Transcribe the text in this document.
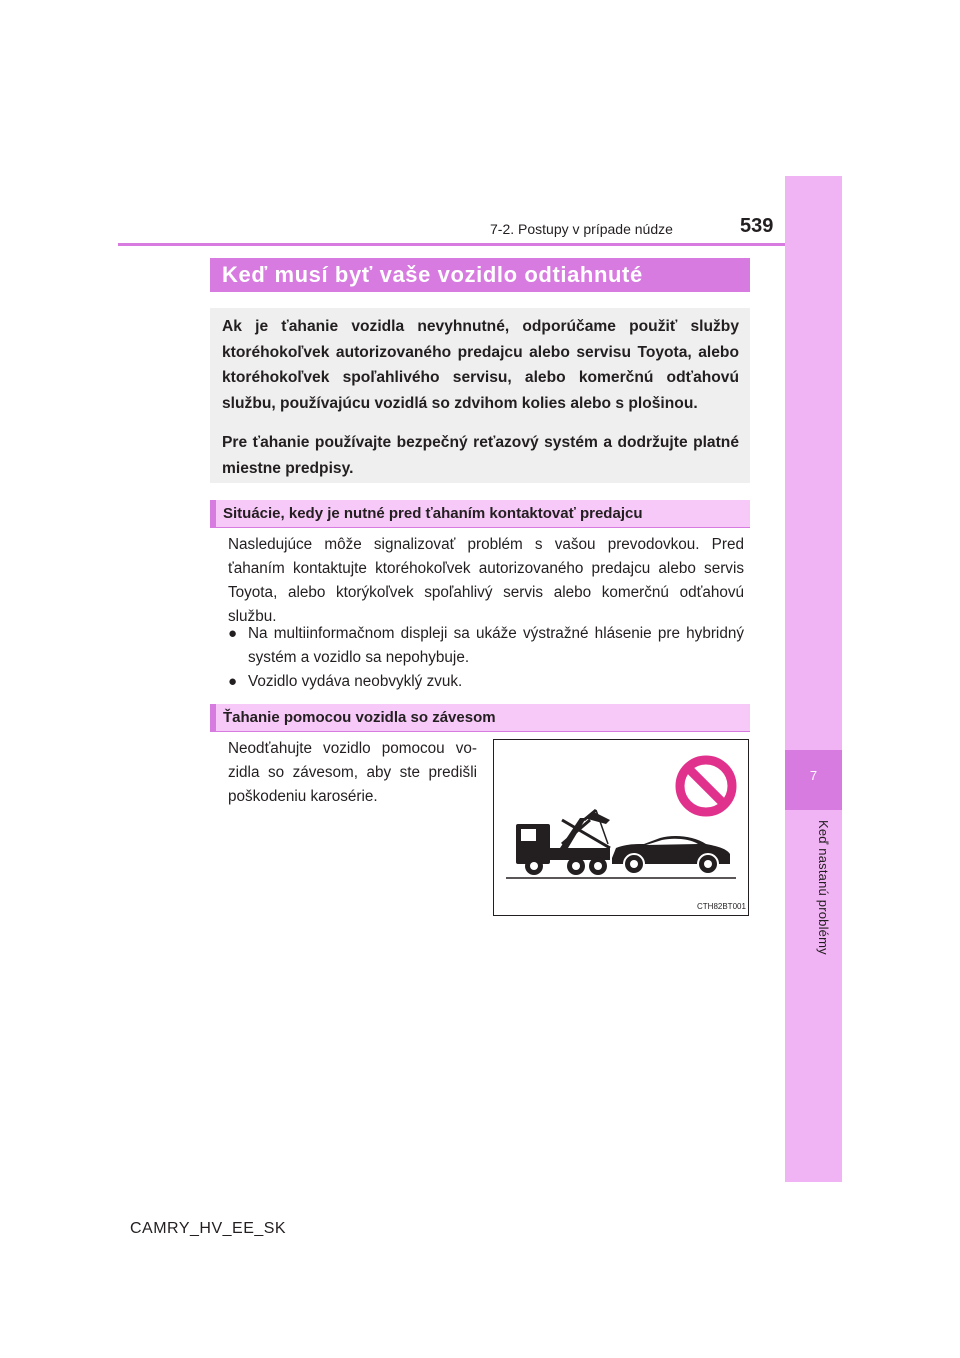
7
Keď nastanú problémy
7-2. Postupy v prípade núdze	539
Keď musí byť vaše vozidlo odtiahnuté

Ak je ťahanie vozidla nevyhnutné, odporúčame použiť služby ktoréhokoľvek autorizovaného predajcu alebo servisu Toyota, alebo ktoréhokoľvek spoľahlivého servisu, alebo komerčnú odťahovú službu, používajúcu vozidlá so zdvihom kolies alebo s plošinou.

Pre ťahanie používajte bezpečný reťazový systém a dodržujte platné miestne predpisy.

Situácie, kedy je nutné pred ťahaním kontaktovať predajcu

Nasledujúce môže signalizovať problém s vašou prevodovkou. Pred ťahaním kontaktujte ktoréhokoľvek autorizovaného predajcu alebo servis Toyota, alebo ktorýkoľvek spoľahlivý servis alebo komerčnú odťahovú službu.

● Na multiinformačnom displeji sa ukáže výstražné hlásenie pre hybridný systém a vozidlo sa nepohybuje.
● Vozidlo vydáva neobvyklý zvuk.
Ťahanie pomocou vozidla so závesom

Neodťahujte vozidlo pomocou vozidla so závesom, aby ste predišli poškodeniu karosérie.

CTH82BT001
CAMRY_HV_EE_SK
